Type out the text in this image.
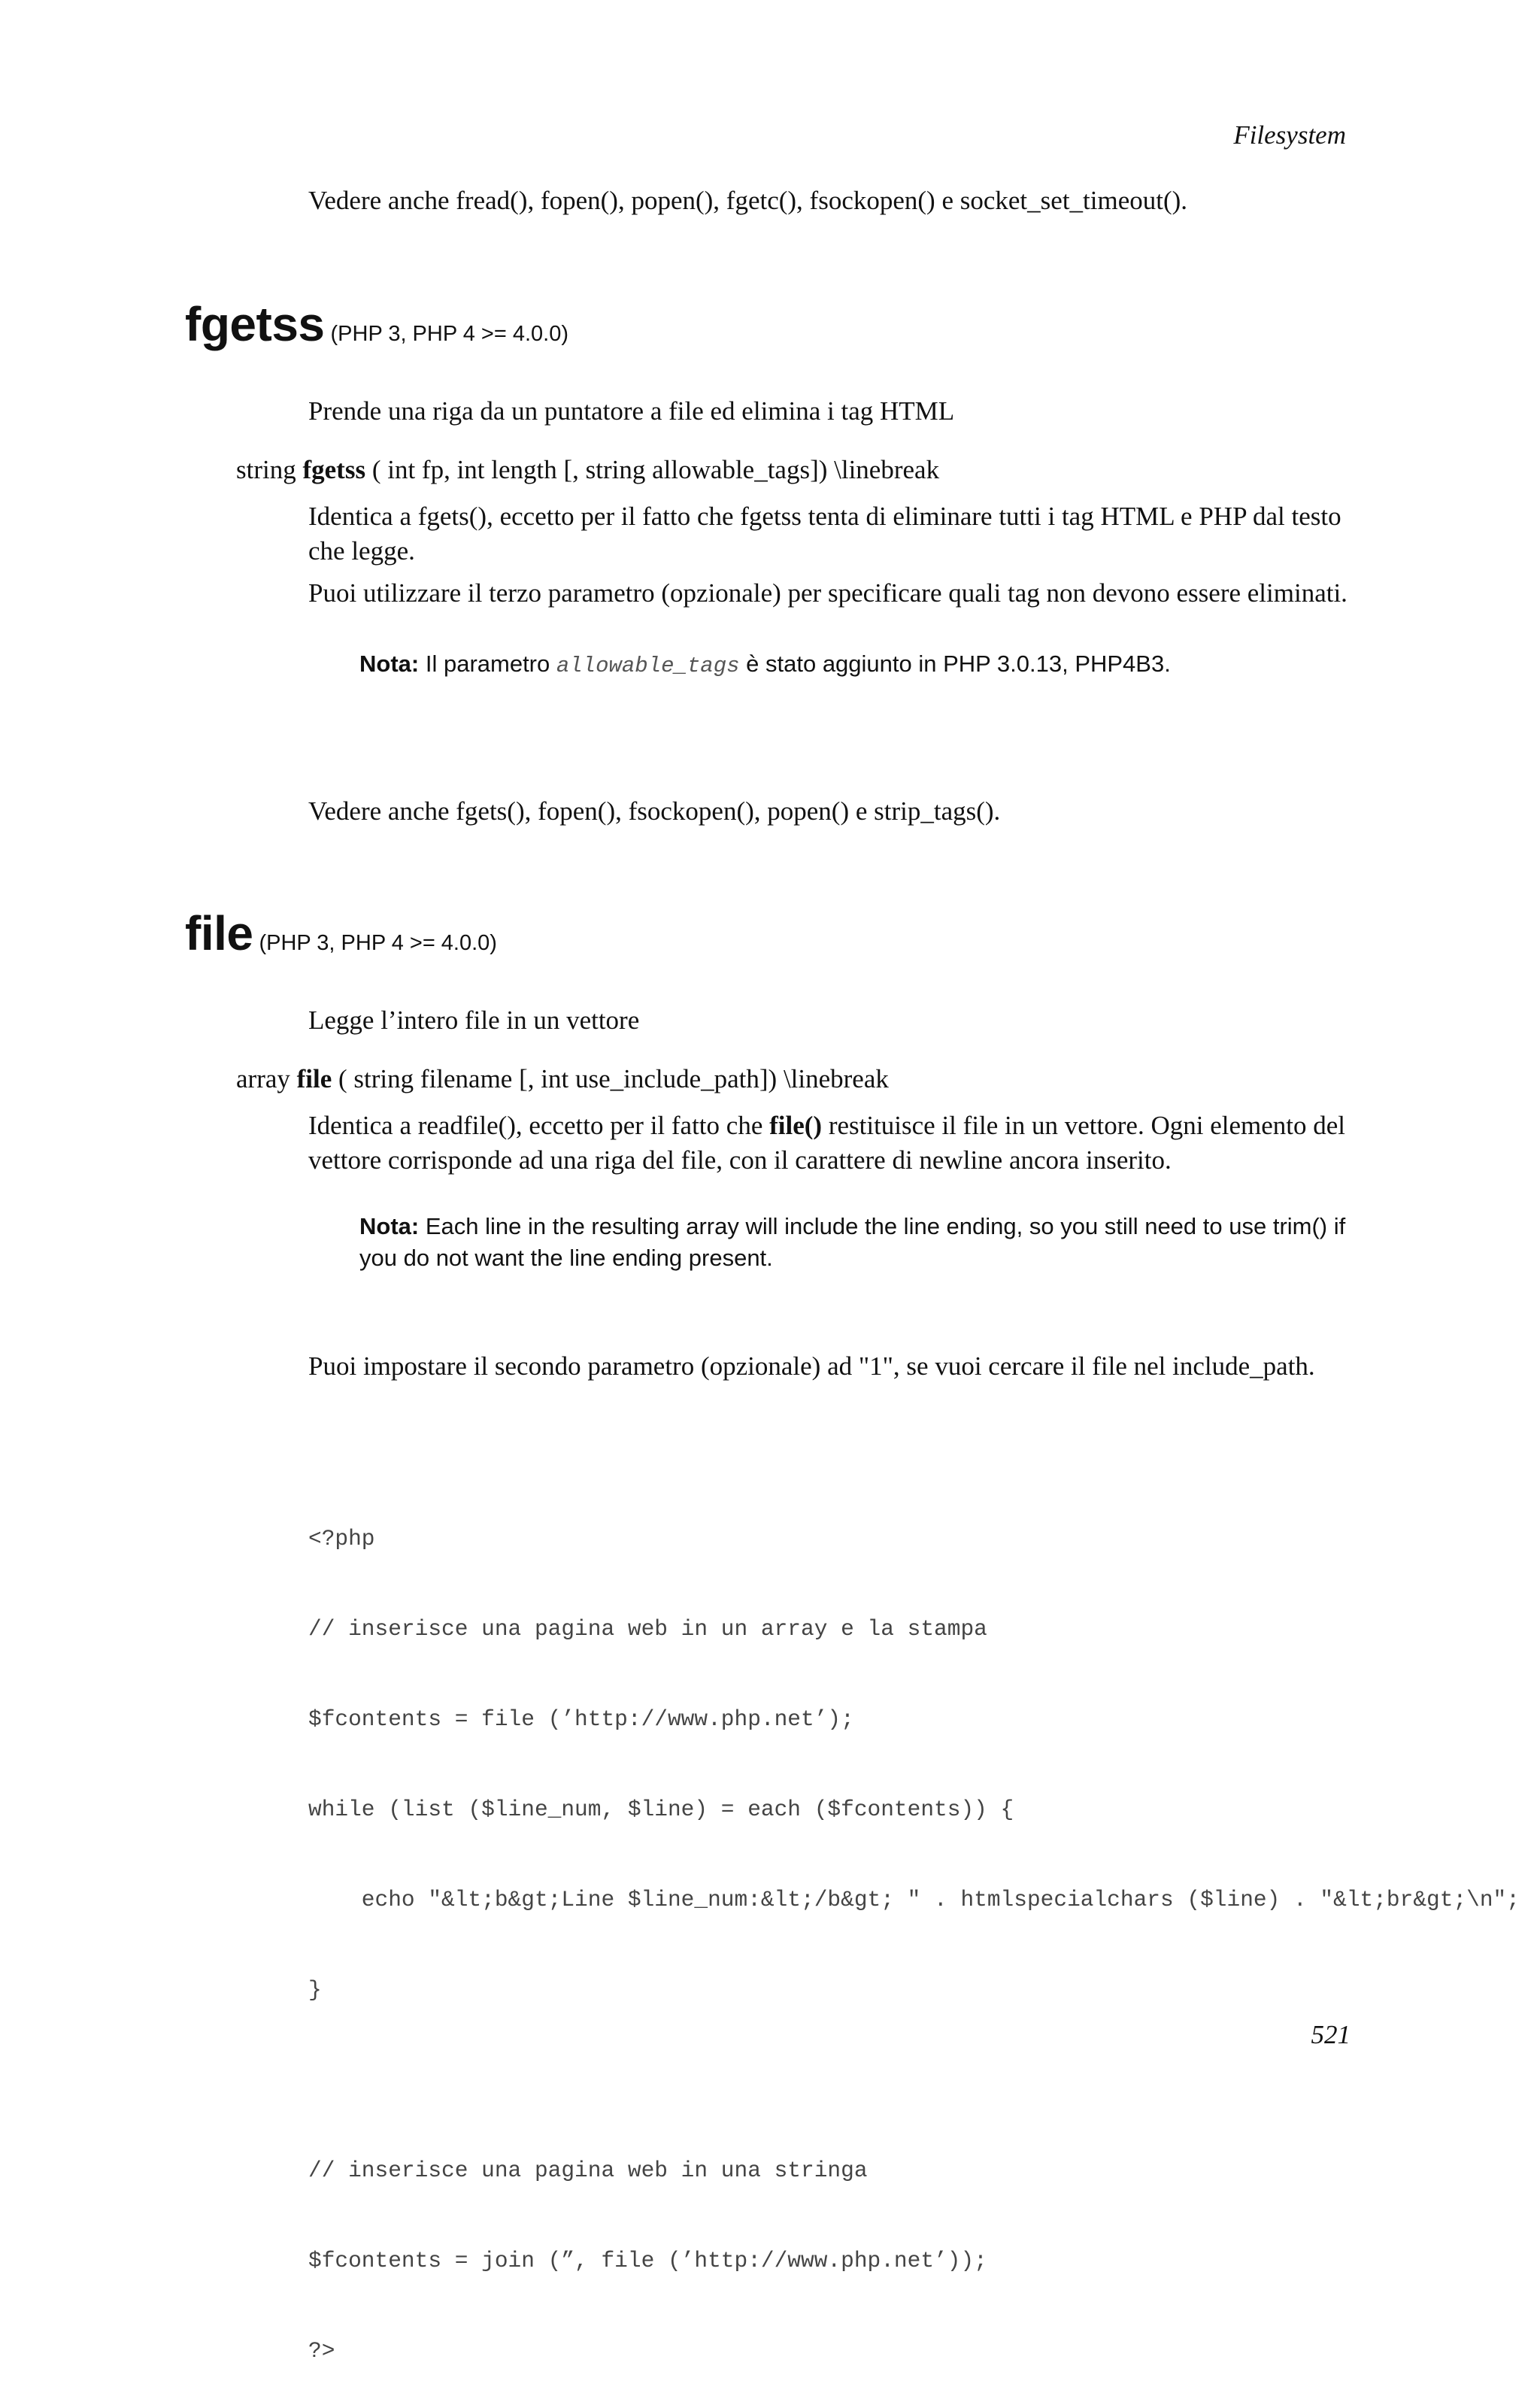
Filesystem

Vedere anche fread(), fopen(), popen(), fgetc(), fsockopen() e socket_set_timeout().

fgetss (PHP 3, PHP 4 >= 4.0.0)

Prende una riga da un puntatore a file ed elimina i tag HTML

string fgetss ( int fp, int length [, string allowable_tags]) \linebreak

Identica a fgets(), eccetto per il fatto che fgetss tenta di eliminare tutti i tag HTML e PHP dal testo che legge.

Puoi utilizzare il terzo parametro (opzionale) per specificare quali tag non devono essere eliminati.

Nota: Il parametro allowable_tags è stato aggiunto in PHP 3.0.13, PHP4B3.

Vedere anche fgets(), fopen(), fsockopen(), popen() e strip_tags().

file (PHP 3, PHP 4 >= 4.0.0)

Legge l’intero file in un vettore

array file ( string filename [, int use_include_path]) \linebreak

Identica a readfile(), eccetto per il fatto che file() restituisce il file in un vettore. Ogni elemento del vettore corrisponde ad una riga del file, con il carattere di newline ancora inserito.

Nota: Each line in the resulting array will include the line ending, so you still need to use trim() if you do not want the line ending present.

Puoi impostare il secondo parametro (opzionale) ad "1", se vuoi cercare il file nel include_path.

<?php

// inserisce una pagina web in un array e la stampa

$fcontents = file (’http://www.php.net’);

while (list ($line_num, $line) = each ($fcontents)) {

echo "&lt;b&gt;Line $line_num:&lt;/b&gt; " . htmlspecialchars ($line) . "&lt;br&gt;\n";

}

// inserisce una pagina web in una stringa

$fcontents = join (”, file (’http://www.php.net’));

?>

521
